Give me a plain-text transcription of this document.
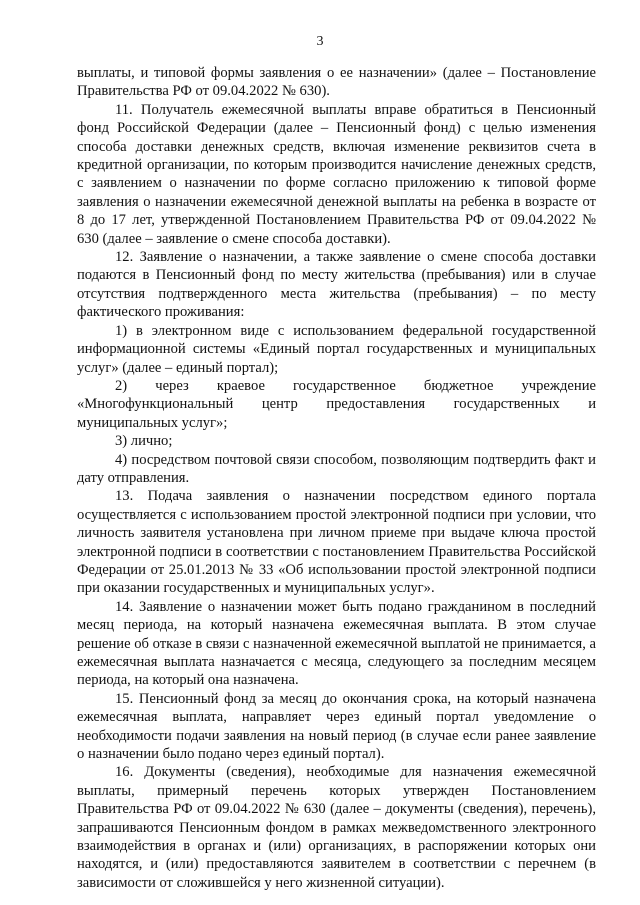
3

выплаты, и типовой формы заявления о ее назначении» (далее – Постановление Правительства РФ от 09.04.2022 № 630).

11. Получатель ежемесячной выплаты вправе обратиться в Пенсионный фонд Российской Федерации (далее – Пенсионный фонд) с целью изменения способа доставки денежных средств, включая изменение реквизитов счета в кредитной организации, по которым производится начисление денежных средств, с заявлением о назначении по форме согласно приложению к типовой форме заявления о назначении ежемесячной денежной выплаты на ребенка в возрасте от 8 до 17 лет, утвержденной Постановлением Правительства РФ от 09.04.2022 № 630 (далее – заявление о смене способа доставки).

12. Заявление о назначении, а также заявление о смене способа доставки подаются в Пенсионный фонд по месту жительства (пребывания) или в случае отсутствия подтвержденного места жительства (пребывания) – по месту фактического проживания:

1) в электронном виде с использованием федеральной государственной информационной системы «Единый портал государственных и муниципальных услуг» (далее – единый портал);

2) через краевое государственное бюджетное учреждение «Многофункциональный центр предоставления государственных и муниципальных услуг»;

3) лично;

4) посредством почтовой связи способом, позволяющим подтвердить факт и дату отправления.

13. Подача заявления о назначении посредством единого портала осуществляется с использованием простой электронной подписи при условии, что личность заявителя установлена при личном приеме при выдаче ключа простой электронной подписи в соответствии с постановлением Правительства Российской Федерации от 25.01.2013 № 33 «Об использовании простой электронной подписи при оказании государственных и муниципальных услуг».

14. Заявление о назначении может быть подано гражданином в последний месяц периода, на который назначена ежемесячная выплата. В этом случае решение об отказе в связи с назначенной ежемесячной выплатой не принимается, а ежемесячная выплата назначается с месяца, следующего за последним месяцем периода, на который она назначена.

15. Пенсионный фонд за месяц до окончания срока, на который назначена ежемесячная выплата, направляет через единый портал уведомление о необходимости подачи заявления на новый период (в случае если ранее заявление о назначении было подано через единый портал).

16. Документы (сведения), необходимые для назначения ежемесячной выплаты, примерный перечень которых утвержден Постановлением Правительства РФ от 09.04.2022 № 630 (далее – документы (сведения), перечень), запрашиваются Пенсионным фондом в рамках межведомственного электронного взаимодействия в органах и (или) организациях, в распоряжении которых они находятся, и (или) предоставляются заявителем в соответствии с перечнем (в зависимости от сложившейся у него жизненной ситуации).
